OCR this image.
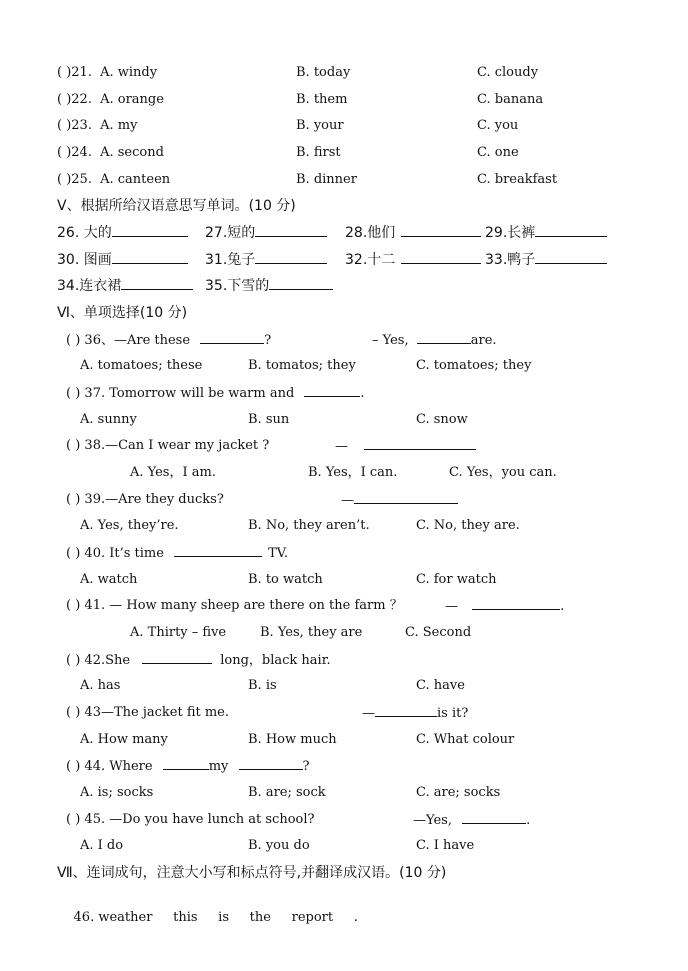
( )21. A. windy	B. today	C. cloudy
( )22. A. orange	B. them	C. banana
( )23. A. my	B. your	C. you
( )24. A. second	B. first	C. one
( )25. A. canteen	B. dinner	C. breakfast
Ⅴ、根据所给汉语意思写单词。(10 分)
26. 大的	27.短的	28.他们	29.长裤
30. 图画	31.兔子	32.十二	33.鸭子
34.连衣裙	35.下雪的
Ⅵ、单项选择(10 分)
( ) 36、—Are these	?	– Yes,	are.
A. tomatoes; these	B. tomatos; they	C. tomatoes; they
( ) 37. Tomorrow will be warm and	.
A. sunny	B. sun	C. snow
( ) 38.—Can I wear my jacket ?	—
A. Yes，I am.	B. Yes，I can.	C. Yes，you can.
( ) 39.—Are they ducks?	—
A. Yes, they’re.	B. No, they aren’t.	C. No, they are.
( ) 40. It’s time	TV.
A. watch	B. to watch	C. for watch
( ) 41. — How many sheep are there on the farm ？	—	.
A. Thirty – five	B. Yes, they are	C. Second
( ) 42.She	long，black hair.
A. has	B. is	C. have
( ) 43—The jacket fit me.	—	is it?
A. How many	B. How much	C. What colour
( ) 44. Where	my	?
A. is; socks	B. are; sock	C. are; socks
( ) 45. —Do you have lunch at school?	—Yes,	.
A. I do	B. you do	C. I have
Ⅶ、连词成句，注意大小写和标点符号,并翻译成汉语。(10 分)

46. weather     this     is     the     report     .
